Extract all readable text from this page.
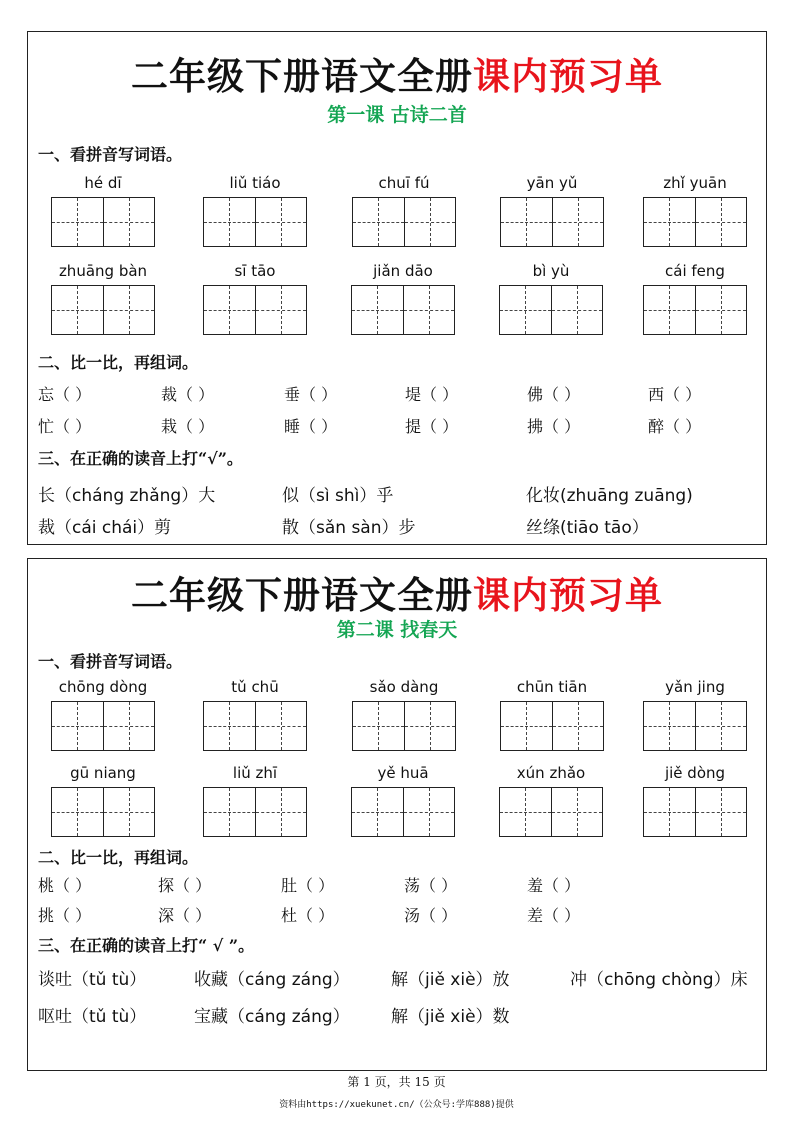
二年级下册语文全册课内预习单
第一课 古诗二首
一、看拼音写词语。
hé dī	liǔ tiáo	chuī fú	yān yǔ	zhǐ yuān
zhuāng bàn	sī tāo	jiǎn dāo	bì yù	cái feng
二、比一比，再组词。
忘（ ）	裁（ ）	垂（ ）	堤（ ）	佛（ ）	西（ ）
忙（ ）	栽（ ）	睡（ ）	提（ ）	拂（ ）	醉（ ）
三、在正确的读音上打“√”。
长（cháng zhǎng）大	似（sì shì）乎	化妆(zhuāng zuāng)
裁（cái chái）剪	散（sǎn sàn）步	丝绦(tiāo tāo）
二年级下册语文全册课内预习单
第二课 找春天
一、看拼音写词语。
chōng dòng	tǔ chū	sǎo dàng	chūn tiān	yǎn jing
gū niang	liǔ zhī	yě huā	xún zhǎo	jiě dòng
二、比一比，再组词。
桃（ ）	探（ ）	肚（ ）	荡（ ）	羞（ ）
挑（ ）	深（ ）	杜（ ）	汤（ ）	差（ ）
三、在正确的读音上打“ √ ”。
谈吐（tǔ tù）	收藏（cáng záng） 解（jiě xiè）放	冲（chōng chòng）床
呕吐（tǔ tù）	宝藏（cáng záng） 解（jiě xiè）数
第 1 页，共 15 页
资料由https://xuekunet.cn/（公众号:学库888)提供
